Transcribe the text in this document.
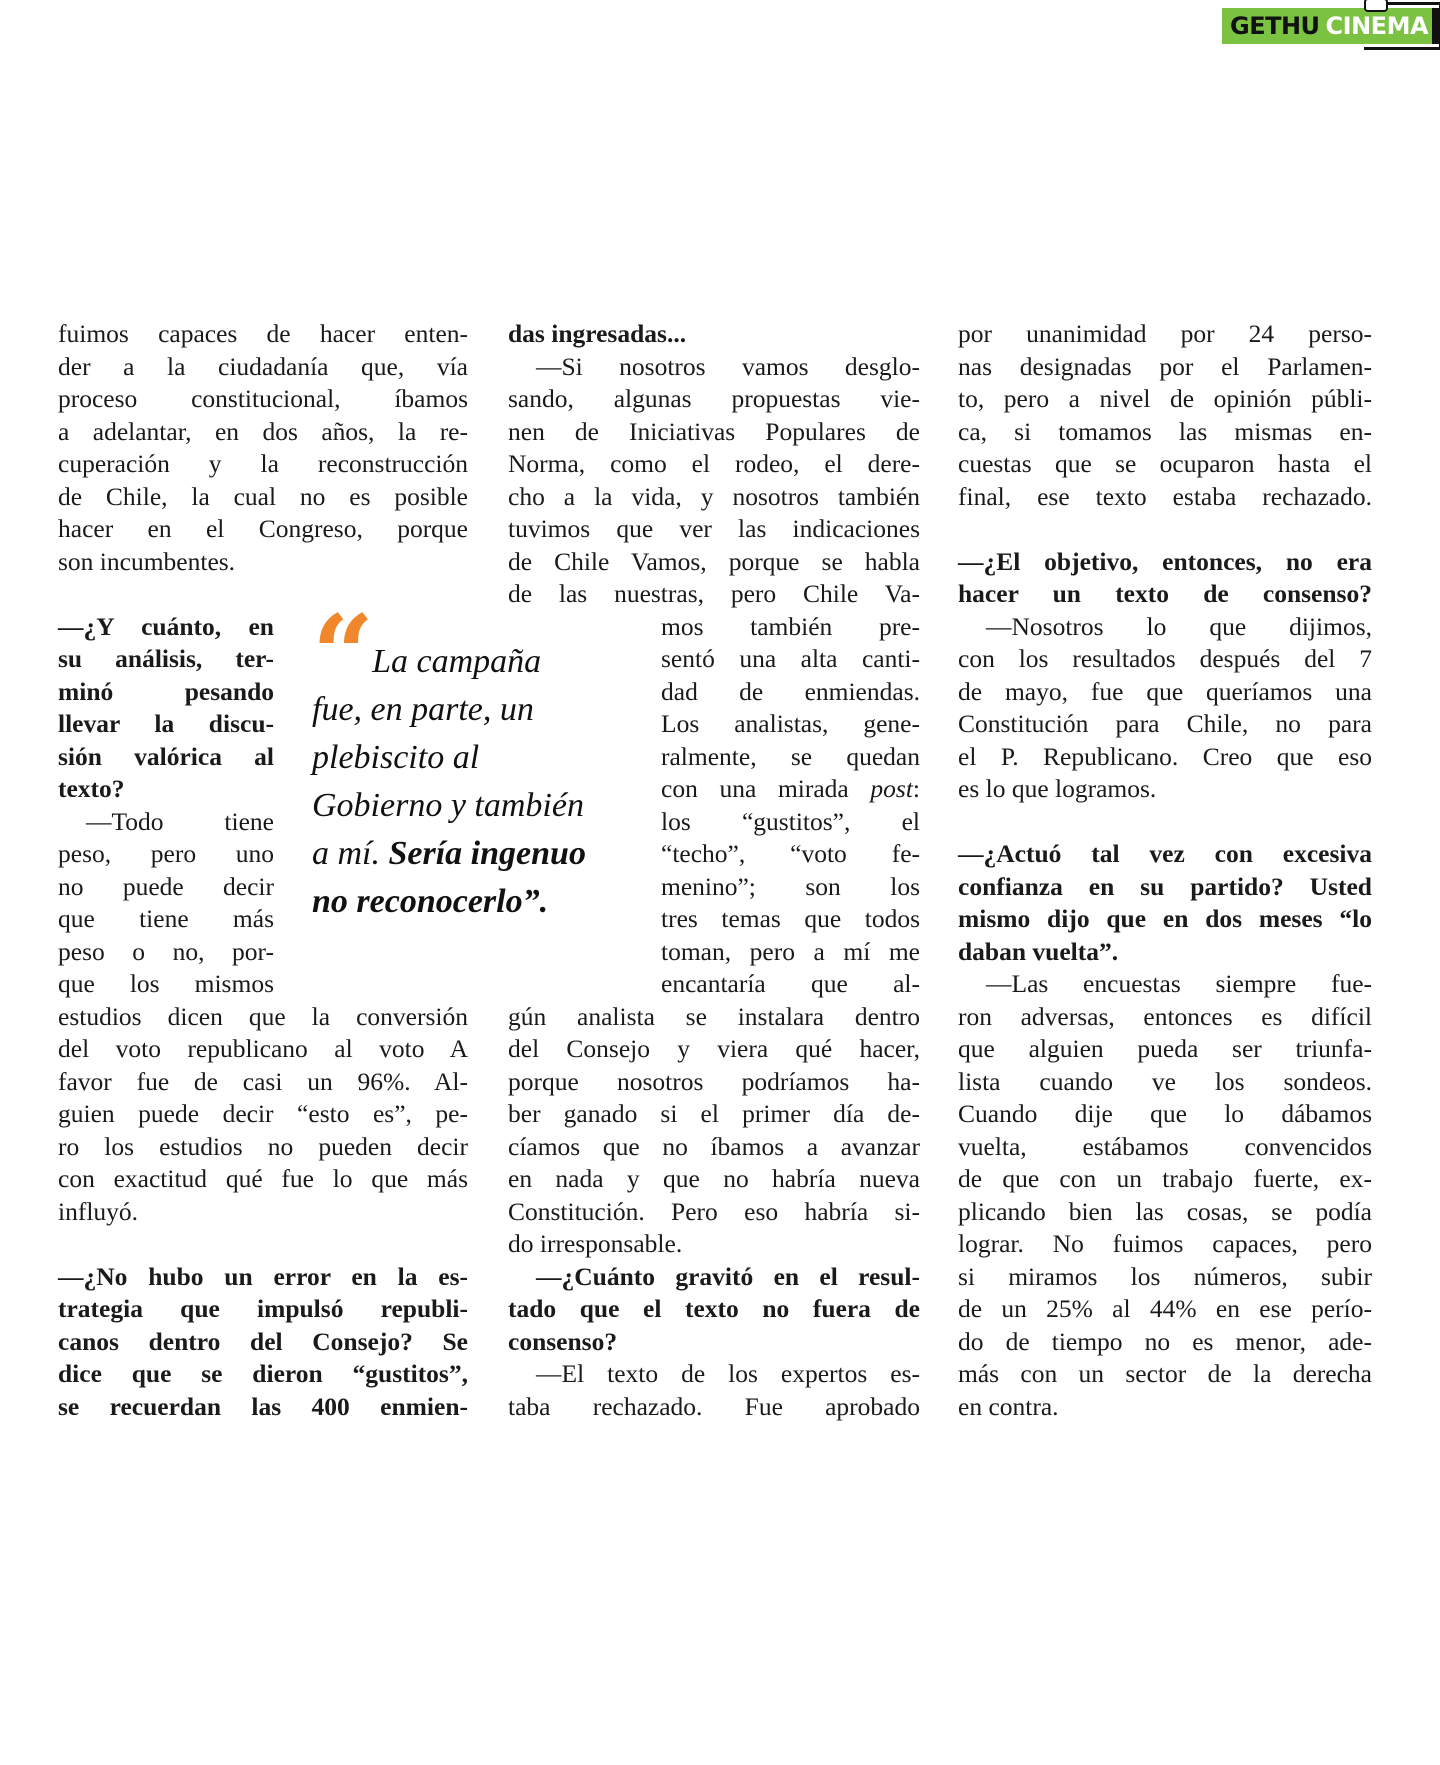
GETHU CINEMA
fuimos capaces de hacer enten-
der a la ciudadanía que, vía
proceso constitucional, íbamos
a adelantar, en dos años, la re-
cuperación y la reconstrucción
de Chile, la cual no es posible
hacer en el Congreso, porque
son incumbentes.
—¿Y cuánto, en
su análisis, ter-
minó pesando
llevar la discu-
sión valórica al
texto?
—Todo tiene
peso, pero uno
no puede decir
que tiene más
peso o no, por-
que los mismos
estudios dicen que la conversión
del voto republicano al voto A
favor fue de casi un 96%. Al-
guien puede decir “esto es”, pe-
ro los estudios no pueden decir
con exactitud qué fue lo que más
influyó.
—¿No hubo un error en la es-
trategia que impulsó republi-
canos dentro del Consejo? Se
dice que se dieron “gustitos”,
se recuerdan las 400 enmien-
“ La campaña
fue, en parte, un
plebiscito al
Gobierno y también
a mí. Sería ingenuo
no reconocerlo”.
das ingresadas...
—Si nosotros vamos desglo-
sando, algunas propuestas vie-
nen de Iniciativas Populares de
Norma, como el rodeo, el dere-
cho a la vida, y nosotros también
tuvimos que ver las indicaciones
de Chile Vamos, porque se habla
de las nuestras, pero Chile Va-
mos también pre-
sentó una alta canti-
dad de enmiendas.
Los analistas, gene-
ralmente, se quedan
con una mirada post:
los “gustitos”, el
“techo”, “voto fe-
menino”; son los
tres temas que todos
toman, pero a mí me
encantaría que al-
gún analista se instalara dentro
del Consejo y viera qué hacer,
porque nosotros podríamos ha-
ber ganado si el primer día de-
cíamos que no íbamos a avanzar
en nada y que no habría nueva
Constitución. Pero eso habría si-
do irresponsable.
—¿Cuánto gravitó en el resul-
tado que el texto no fuera de
consenso?
—El texto de los expertos es-
taba rechazado. Fue aprobado
por unanimidad por 24 perso-
nas designadas por el Parlamen-
to, pero a nivel de opinión públi-
ca, si tomamos las mismas en-
cuestas que se ocuparon hasta el
final, ese texto estaba rechazado.
—¿El objetivo, entonces, no era
hacer un texto de consenso?
—Nosotros lo que dijimos,
con los resultados después del 7
de mayo, fue que queríamos una
Constitución para Chile, no para
el P. Republicano. Creo que eso
es lo que logramos.
—¿Actuó tal vez con excesiva
confianza en su partido? Usted
mismo dijo que en dos meses “lo
daban vuelta”.
—Las encuestas siempre fue-
ron adversas, entonces es difícil
que alguien pueda ser triunfa-
lista cuando ve los sondeos.
Cuando dije que lo dábamos
vuelta, estábamos convencidos
de que con un trabajo fuerte, ex-
plicando bien las cosas, se podía
lograr. No fuimos capaces, pero
si miramos los números, subir
de un 25% al 44% en ese perío-
do de tiempo no es menor, ade-
más con un sector de la derecha
en contra.
